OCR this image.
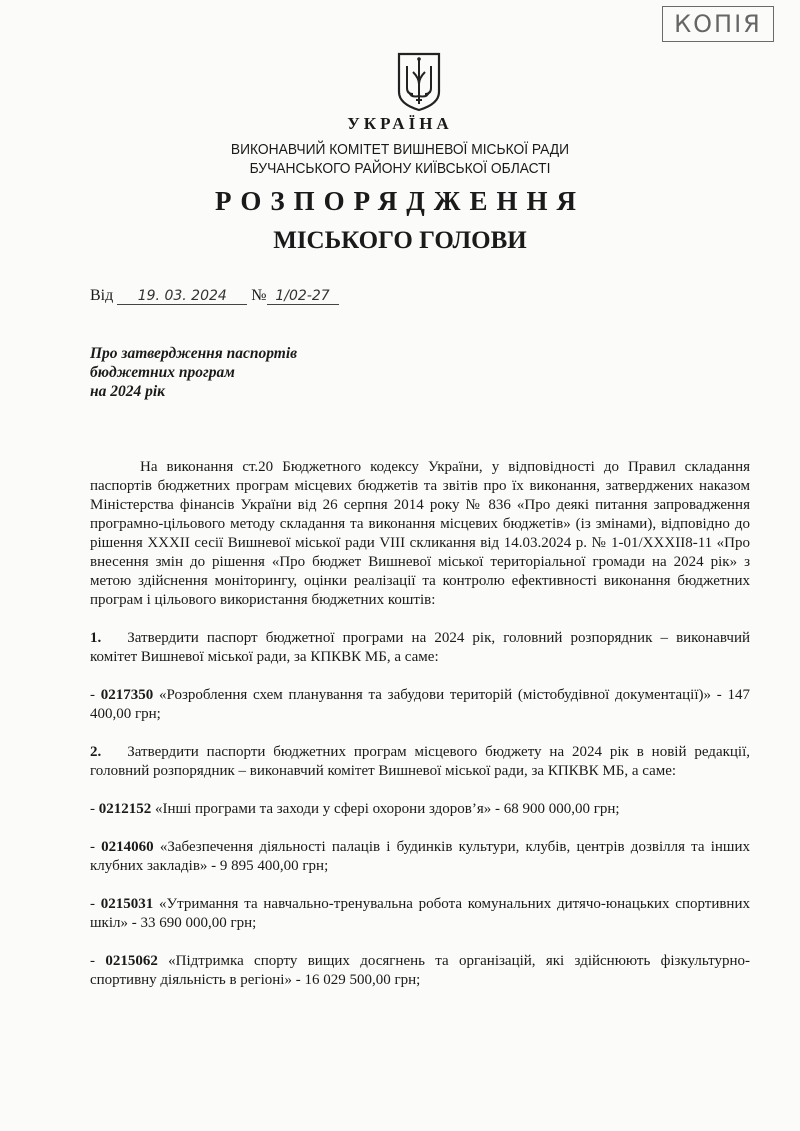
КОПІЯ
УКРАЇНА
ВИКОНАВЧИЙ КОМІТЕТ ВИШНЕВОЇ МІСЬКОЇ РАДИ
БУЧАНСЬКОГО РАЙОНУ КИЇВСЬКОЇ ОБЛАСТІ
РОЗПОРЯДЖЕННЯ
МІСЬКОГО ГОЛОВИ
Від 19. 03. 2024 № 1/02-27
Про затвердження паспортів
бюджетних програм
на 2024 рік

На виконання ст.20 Бюджетного кодексу України, у відповідності до Правил складання паспортів бюджетних програм місцевих бюджетів та звітів про їх виконання, затверджених наказом Міністерства фінансів України від 26 серпня 2014 року № 836 «Про деякі питання запровадження програмно-цільового методу складання та виконання місцевих бюджетів» (із змінами), відповідно до рішення XXXII сесії Вишневої міської ради VIII скликання від 14.03.2024 р. № 1-01/XXXII8-11 «Про внесення змін до рішення «Про бюджет Вишневої міської територіальної громади на 2024 рік» з метою здійснення моніторингу, оцінки реалізації та контролю ефективності виконання бюджетних програм і цільового використання бюджетних коштів:

1. Затвердити паспорт бюджетної програми на 2024 рік, головний розпорядник – виконавчий комітет Вишневої міської ради, за КПКВК МБ, а саме:

- 0217350 «Розроблення схем планування та забудови територій (містобудівної документації)» - 147 400,00 грн;

2. Затвердити паспорти бюджетних програм місцевого бюджету на 2024 рік в новій редакції, головний розпорядник – виконавчий комітет Вишневої міської ради, за КПКВК МБ, а саме:

- 0212152 «Інші програми та заходи у сфері охорони здоров’я» - 68 900 000,00 грн;

- 0214060 «Забезпечення діяльності палаців і будинків культури, клубів, центрів дозвілля та інших клубних закладів» - 9 895 400,00 грн;

- 0215031 «Утримання та навчально-тренувальна робота комунальних дитячо-юнацьких спортивних шкіл» - 33 690 000,00 грн;

- 0215062 «Підтримка спорту вищих досягнень та організацій, які здійснюють фізкультурно-спортивну діяльність в регіоні» - 16 029 500,00 грн;
